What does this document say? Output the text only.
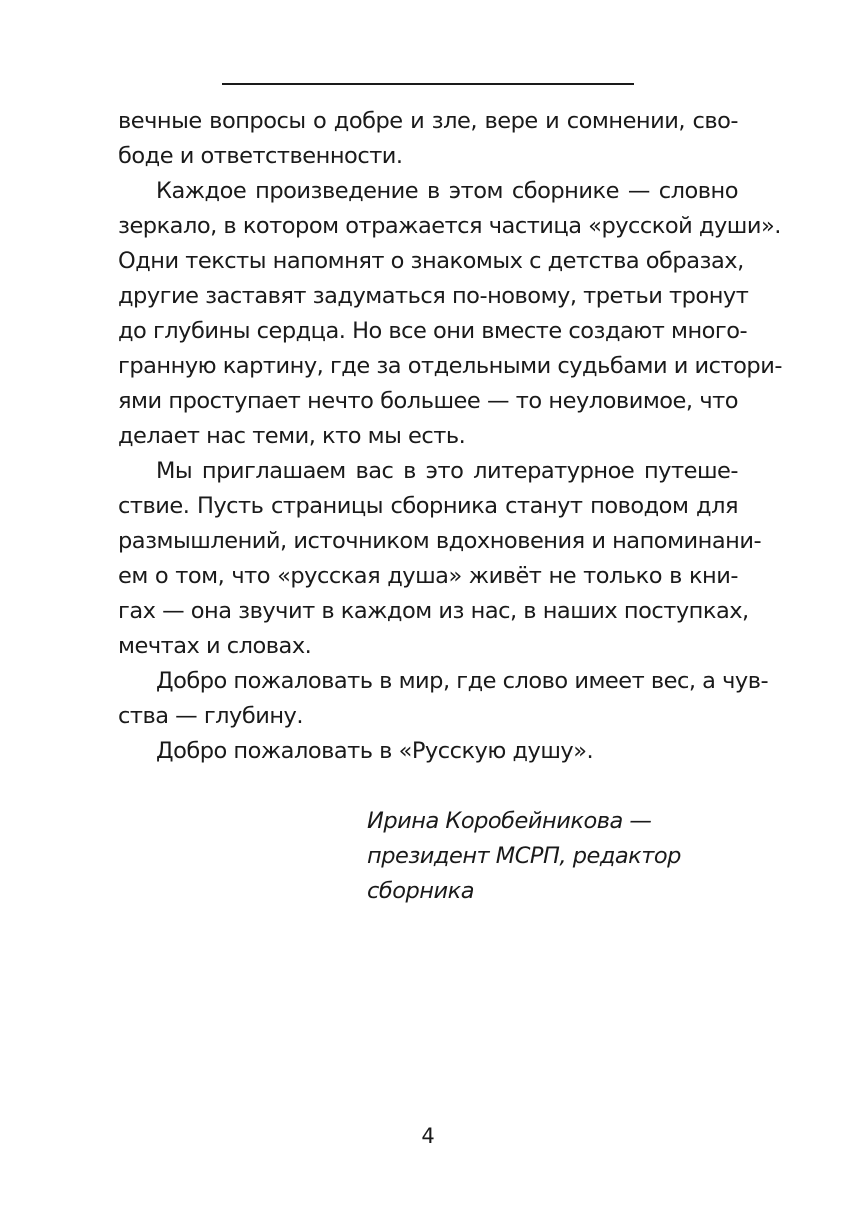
вечные вопросы о добре и зле, вере и сомнении, сво-
боде и ответственности.
Каждое произведение в этом сборнике — словно
зеркало, в котором отражается частица «русской души».
Одни тексты напомнят о знакомых с детства образах,
другие заставят задуматься по-новому, третьи тронут
до глубины сердца. Но все они вместе создают много-
гранную картину, где за отдельными судьбами и истори-
ями проступает нечто большее — то неуловимое, что
делает нас теми, кто мы есть.
Мы приглашаем вас в это литературное путеше-
ствие. Пусть страницы сборника станут поводом для
размышлений, источником вдохновения и напоминани-
ем о том, что «русская душа» живёт не только в кни-
гах — она звучит в каждом из нас, в наших поступках,
мечтах и словах.
Добро пожаловать в мир, где слово имеет вес, а чув-
ства — глубину.
Добро пожаловать в «Русскую душу».
Ирина Коробейникова —
президент МСРП, редактор
сборника
4
